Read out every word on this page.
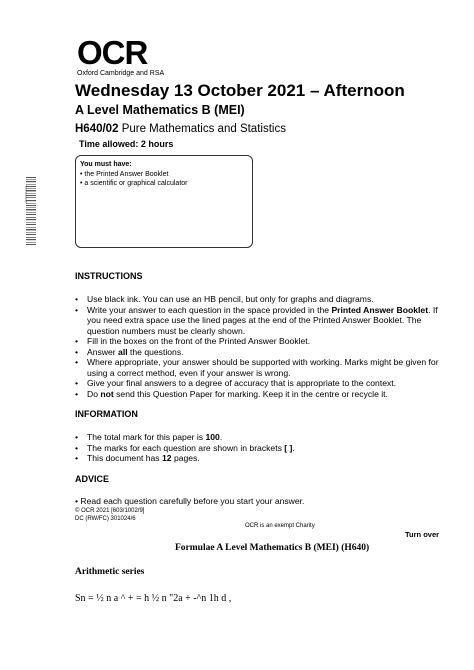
OCR
Oxford Cambridge and RSA
*2374570438*
Wednesday 13 October 2021 – Afternoon
A Level Mathematics B (MEI)
H640/02 Pure Mathematics and Statistics
Time allowed: 2 hours
You must have:
• the Printed Answer Booklet
• a scientific or graphical calculator
INSTRUCTIONS
• Use black ink. You can use an HB pencil, but only for graphs and diagrams.
• Write your answer to each question in the space provided in the Printed Answer Booklet. If you need extra space use the lined pages at the end of the Printed Answer Booklet. The question numbers must be clearly shown.
• Fill in the boxes on the front of the Printed Answer Booklet.
• Answer all the questions.
• Where appropriate, your answer should be supported with working. Marks might be given for using a correct method, even if your answer is wrong.
• Give your final answers to a degree of accuracy that is appropriate to the context.
• Do not send this Question Paper for marking. Keep it in the centre or recycle it.
INFORMATION
• The total mark for this paper is 100.
• The marks for each question are shown in brackets [ ].
• This document has 12 pages.
ADVICE
• Read each question carefully before you start your answer.
© OCR 2021 [603/1002/9]
DC (RW/FC) 301024/6
OCR is an exempt Charity
Turn over
Formulae A Level Mathematics B (MEI) (H640)
Arithmetic series
Sn = ½ n a ^ + = h ½ n "2a + -^n 1h d ,
